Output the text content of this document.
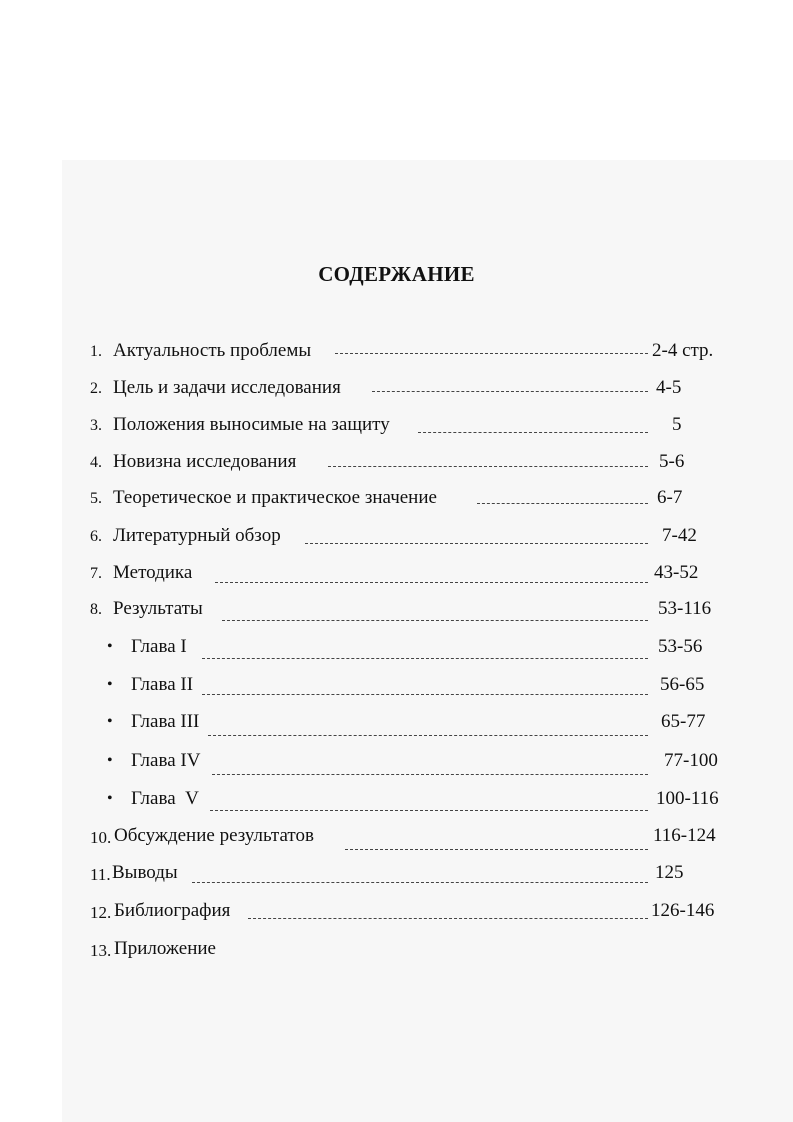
СОДЕРЖАНИЕ
1. Актуальность проблемы	2-4 стр.
2. Цель и задачи исследования	4-5
3. Положения выносимые на защиту	5
4. Новизна исследования	5-6
5. Теоретическое и практическое значение	6-7
6. Литературный обзор	7-42
7. Методика	43-52
8. Результаты	53-116
• Глава I	53-56
• Глава II	56-65
• Глава III	65-77
• Глава IV	77-100
• Глава  V	100-116
10. Обсуждение результатов	116-124
11. Выводы	125
12. Библиография	126-146
13. Приложение
